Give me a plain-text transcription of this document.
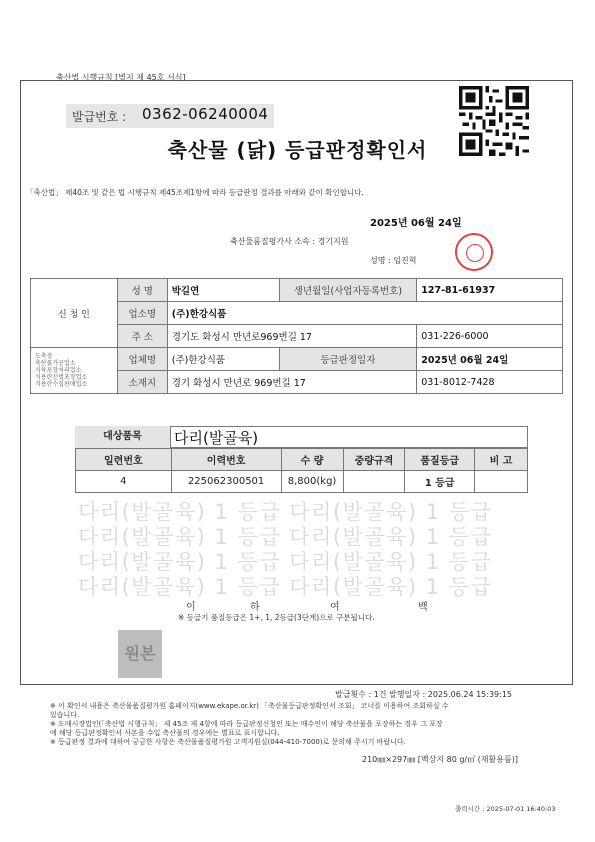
축산법 시행규칙 [별지 제 45호 서식]
발급번호 : 0362-06240004
축산물 (닭) 등급판정확인서
「축산법」 제40조 및 같은 법 시행규칙 제45조제1항에 따라 등급판정 결과를 아래와 같이 확인합니다.
2025년 06월 24일
축산물품질평가사 소속 : 경기지원
성명 : 임진혁
신 청 인	성 명	박길연	생년월일(사업자등록번호)	127-81-61937
	업소명	(주)한강식품		
	주 소	경기도 화성시 만년로969번길 17		031-226-6000
도축장
축산물가공업소
식육포장처리업소
식용란선별포장업소
식용란수집판매업소	업체명	(주)한강식품	등급판정일자	2025년 06월 24일
	소재지	경기 화성시 만년로 969번길 17		031-8012-7428
대상품목	다리(발골육)
일련번호	이력번호	수 량	중량규격	품질등급	비 고
4	225062300501	8,800(kg)		1 등급	
다리(발골육) 1 등급 다리(발골육) 1 등급
다리(발골육) 1 등급 다리(발골육) 1 등급
다리(발골육) 1 등급 다리(발골육) 1 등급
다리(발골육) 1 등급 다리(발골육) 1 등급
이	하	여	백
※ 등급기 품질등급은 1+, 1, 2등급(3단계)으로 구분됩니다.
원본
발급횟수 : 1건 발행일자 : 2025.06.24 15:39:15
※ 이 확인서 내용은 축산물품질평가원 홈페이지(www.ekape.or.kr) 「축산물등급판정확인서 조회」 코너를 이용하여 조회하실 수
있습니다.
※ 도매시장법인(「축산법 시행규칙」 제 45조 제 4항에 따라 등급판정신청인 또는 매수인이 해당 축산물을 포장하는 경우 그 포장
에 해당 등급판정확인서 사본을 수입 축산물의 경우에는 별표로 표시합니다.
※ 등급판정 결과에 대하여 궁금한 사항은 축산물품질평가원 고객지원실(044-410-7000)로 문의해 주시기 바랍니다.
210㎜×297㎜ [백상지 80 g/㎡ (재활용품)]
출력시간 : 2025-07-01 16:40:03
